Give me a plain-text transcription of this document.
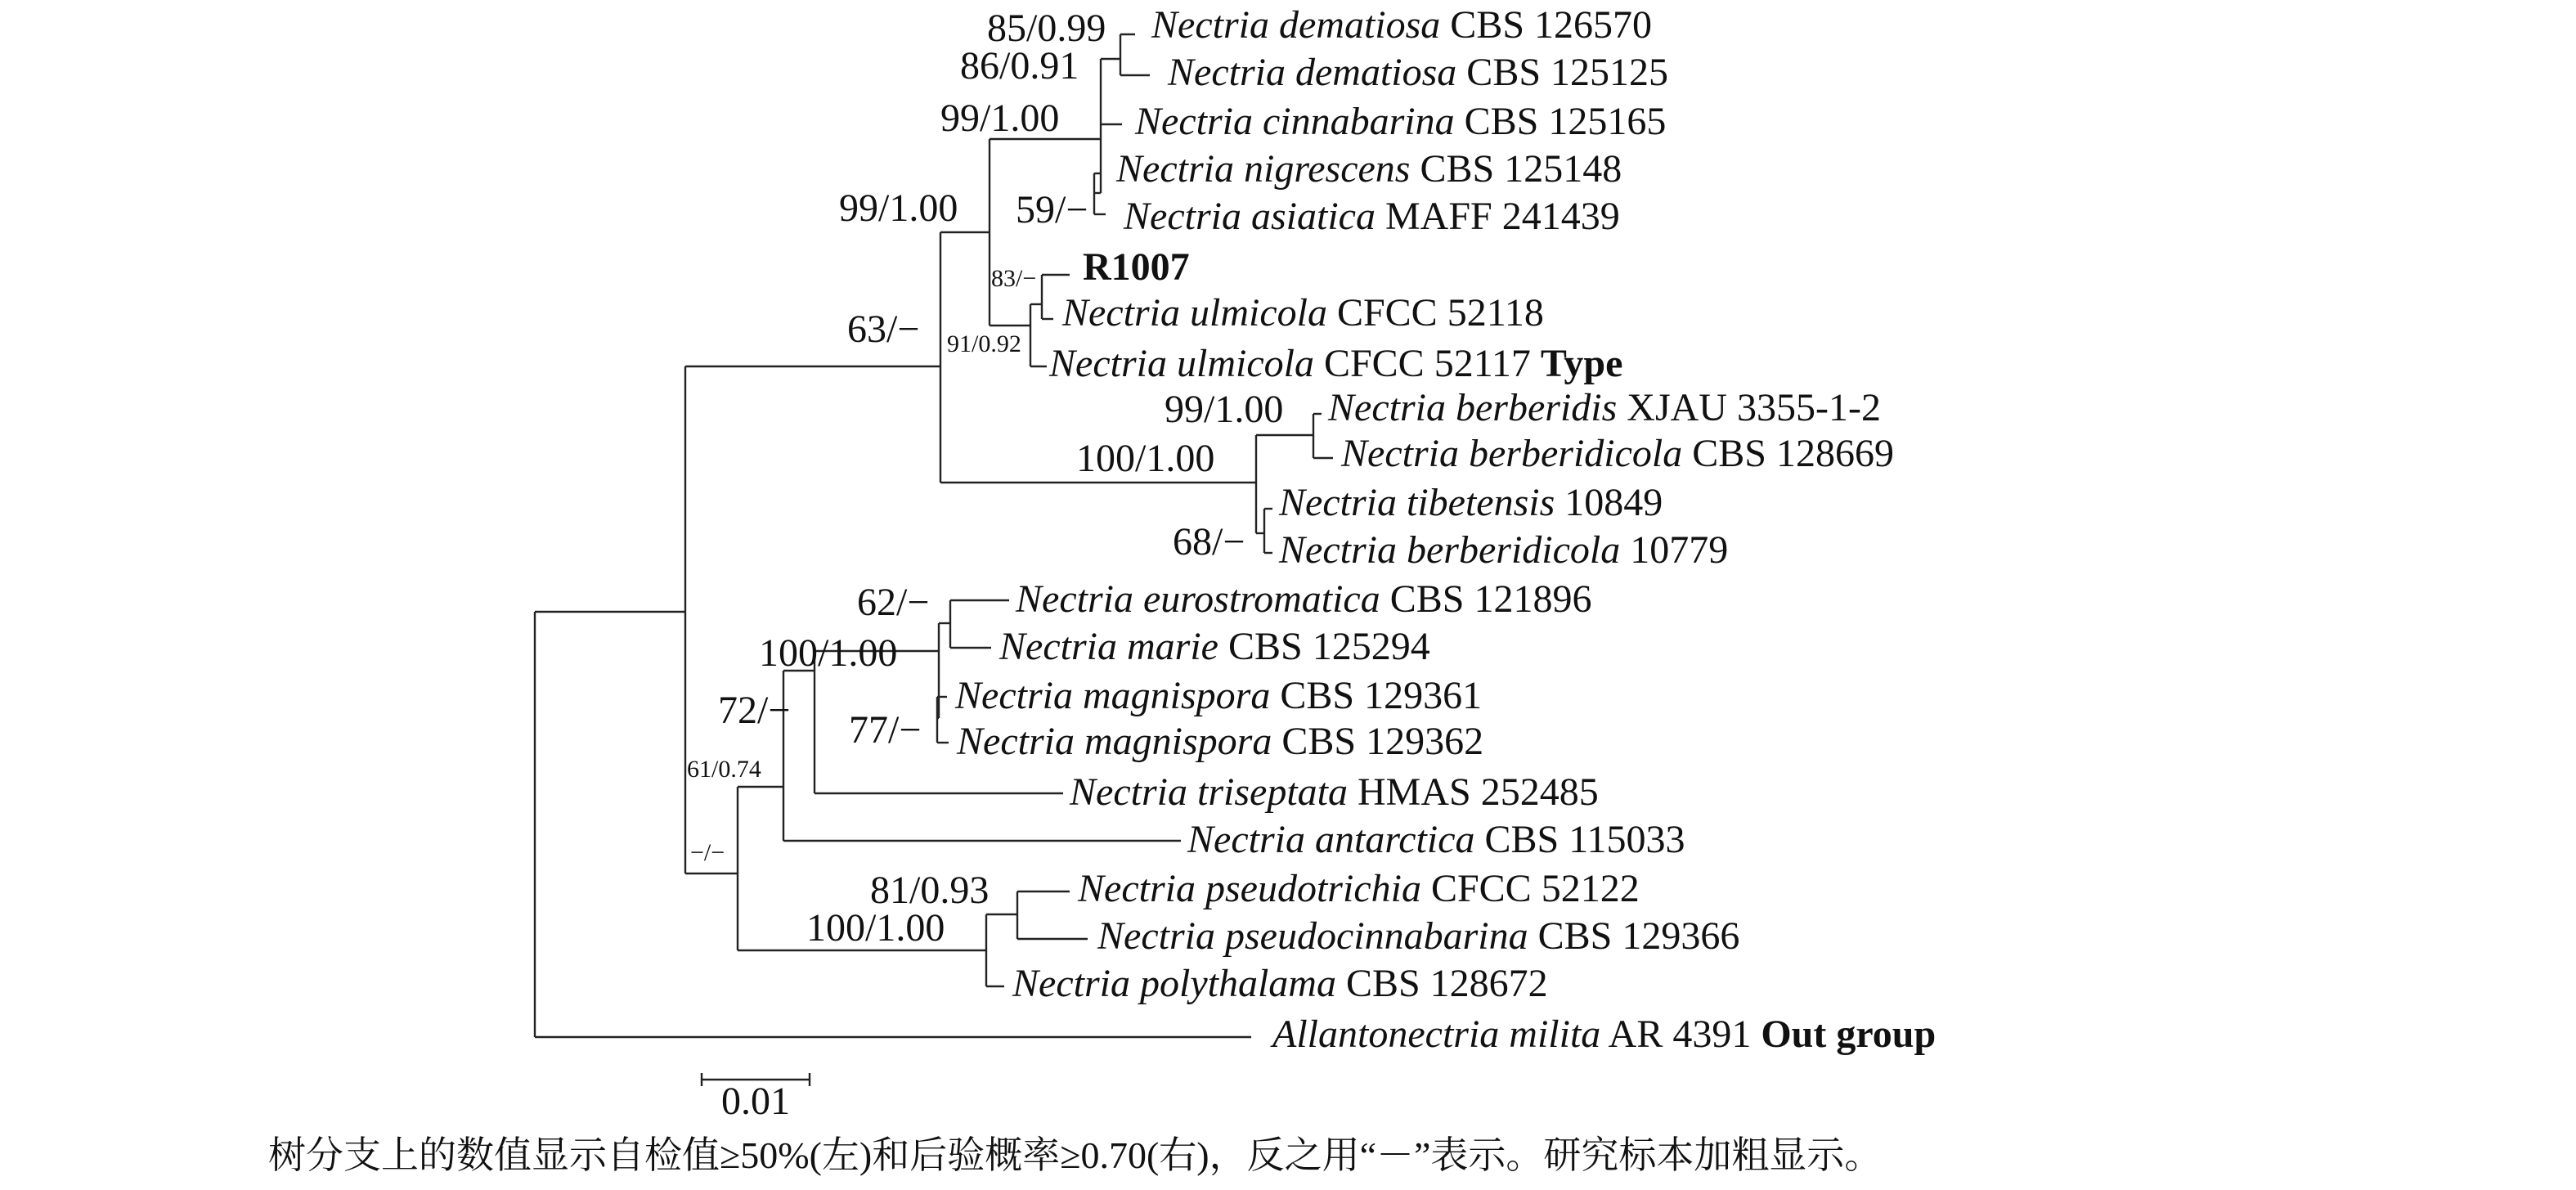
Nectria dematiosa CBS 126570
Nectria dematiosa CBS 125125
Nectria cinnabarina CBS 125165
Nectria nigrescens CBS 125148
Nectria asiatica MAFF 241439
R1007
Nectria ulmicola CFCC 52118
Nectria ulmicola CFCC 52117 Type
Nectria berberidis XJAU 3355-1-2
Nectria berberidicola CBS 128669
Nectria tibetensis 10849
Nectria berberidicola 10779
Nectria eurostromatica CBS 121896
Nectria marie CBS 125294
Nectria magnispora CBS 129361
Nectria magnispora CBS 129362
Nectria triseptata HMAS 252485
Nectria antarctica CBS 115033
Nectria pseudotrichia CFCC 52122
Nectria pseudocinnabarina CBS 129366
Nectria polythalama CBS 128672
Allantonectria milita AR 4391 Out group
85/0.99
86/0.91
99/1.00
59/−
99/1.00
83/−
91/0.92
63/−
99/1.00
100/1.00
68/−
62/−
100/1.00
77/−
72/−
61/0.74
−/−
81/0.93
100/1.00
0.01
树分支上的数值显示自检值≥50%(左)和后验概率≥0.70(右)，反之用“－”表示。研究标本加粗显示。
